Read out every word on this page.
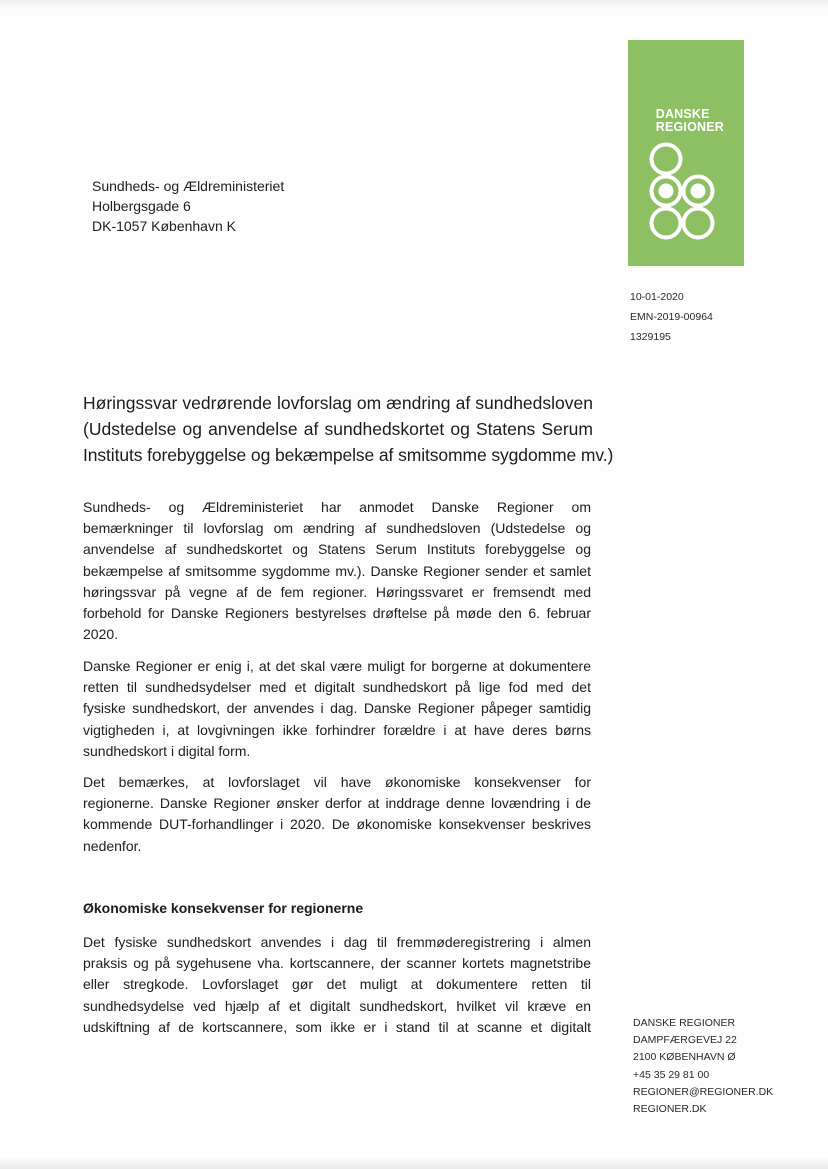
DANSKE
REGIONER
Sundheds- og Ældreministeriet
Holbergsgade 6
DK-1057 København K
10-01-2020
EMN-2019-00964
1329195
Høringssvar vedrørende lovforslag om ændring af sundhedsloven
(Udstedelse og anvendelse af sundhedskortet og Statens Serum
Instituts forebyggelse og bekæmpelse af smitsomme sygdomme mv.)
Sundheds- og Ældreministeriet har anmodet Danske Regioner om
bemærkninger til lovforslag om ændring af sundhedsloven (Udstedelse og
anvendelse af sundhedskortet og Statens Serum Instituts forebyggelse og
bekæmpelse af smitsomme sygdomme mv.). Danske Regioner sender et samlet
høringssvar på vegne af de fem regioner. Høringssvaret er fremsendt med
forbehold for Danske Regioners bestyrelses drøftelse på møde den 6. februar
2020.
Danske Regioner er enig i, at det skal være muligt for borgerne at dokumentere
retten til sundhedsydelser med et digitalt sundhedskort på lige fod med det
fysiske sundhedskort, der anvendes i dag. Danske Regioner påpeger samtidig
vigtigheden i, at lovgivningen ikke forhindrer forældre i at have deres børns
sundhedskort i digital form.
Det bemærkes, at lovforslaget vil have økonomiske konsekvenser for
regionerne. Danske Regioner ønsker derfor at inddrage denne lovændring i de
kommende DUT-forhandlinger i 2020. De økonomiske konsekvenser beskrives
nedenfor.
Økonomiske konsekvenser for regionerne
Det fysiske sundhedskort anvendes i dag til fremmøderegistrering i almen
praksis og på sygehusene vha. kortscannere, der scanner kortets magnetstribe
eller stregkode. Lovforslaget gør det muligt at dokumentere retten til
sundhedsydelse ved hjælp af et digitalt sundhedskort, hvilket vil kræve en
udskiftning af de kortscannere, som ikke er i stand til at scanne et digitalt	DANSKE REGIONER
DAMPFÆRGEVEJ 22
2100 KØBENHAVN Ø
+45 35 29 81 00
REGIONER@REGIONER.DK
REGIONER.DK
